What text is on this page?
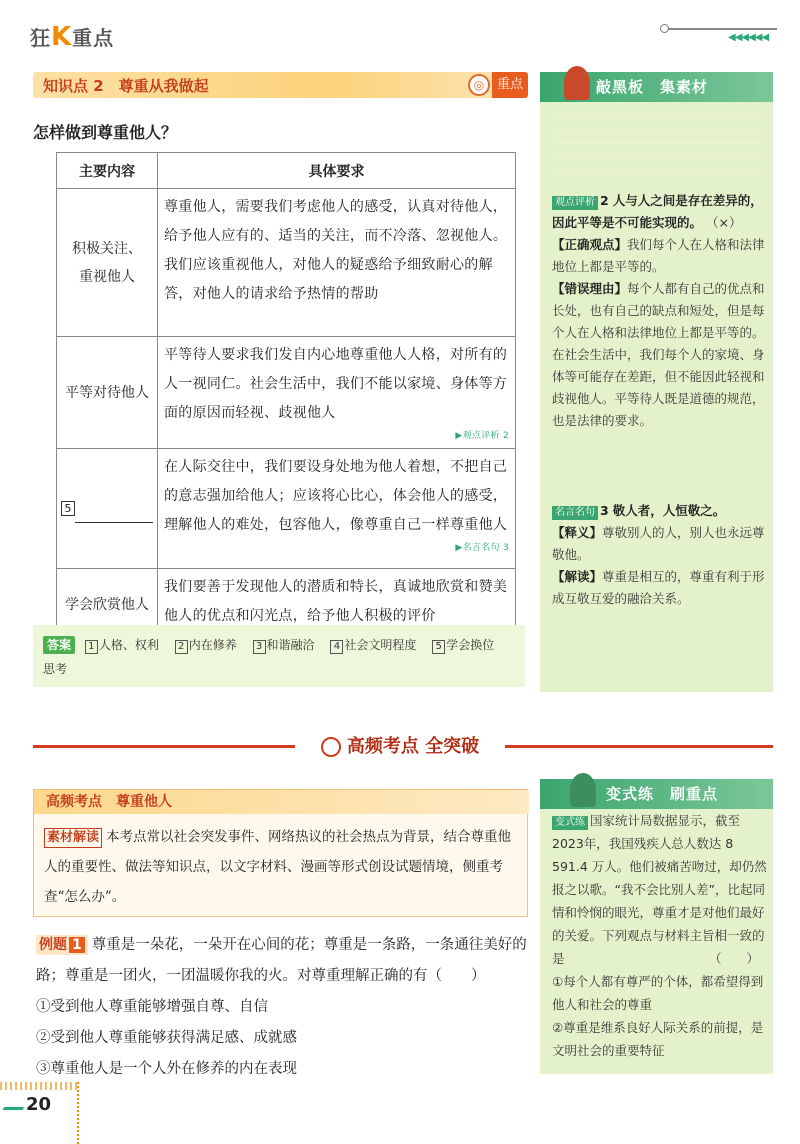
狂K重点	◀◀◀◀◀◀
知识点 2　尊重从我做起	◎ 重点
怎样做到尊重他人？
主要内容	具体要求
积极关注、重视他人	尊重他人，需要我们考虑他人的感受，认真对待他人，给予他人应有的、适当的关注，而不冷落、忽视他人。我们应该重视他人，对他人的疑惑给予细致耐心的解答，对他人的请求给予热情的帮助
平等对待他人	平等待人要求我们发自内心地尊重他人人格，对所有的人一视同仁。社会生活中，我们不能以家境、身体等方面的原因而轻视、歧视他人
▶观点评析 2

5	在人际交往中，我们要设身处地为他人着想，不把自己的意志强加给他人；应该将心比心，体会他人的感受，理解他人的难处，包容他人，像尊重自己一样尊重他人
▶名言名句 3

学会欣赏他人	我们要善于发现他人的潜质和特长，真诚地欣赏和赞美他人的优点和闪光点，给予他人积极的评价
答案 1 人格、权利 2 内在修养 3 和谐融洽 4 社会文明程度 5 学会换位
思考
敲黑板　集素材
观点评析 2 人与人之间是存在差异的，因此平等是不可能实现的。 （×）
【正确观点】我们每个人在人格和法律地位上都是平等的。
【错误理由】每个人都有自己的优点和长处，也有自己的缺点和短处，但是每个人在人格和法律地位上都是平等的。在社会生活中，我们每个人的家境、身体等可能存在差距，但不能因此轻视和歧视他人。平等待人既是道德的规范，也是法律的要求。
名言名句 3 敬人者，人恒敬之。
【释义】尊敬别人的人，别人也永远尊敬他。
【解读】尊重是相互的，尊重有利于形成互敬互爱的融洽关系。
高频考点 全突破
高频考点　尊重他人
素材解读 本考点常以社会突发事件、网络热议的社会热点为背景，结合尊重他人的重要性、做法等知识点，以文字材料、漫画等形式创设试题情境，侧重考查“怎么办”。
例题 1 尊重是一朵花，一朵开在心间的花；尊重是一条路，一条通往美好的路；尊重是一团火，一团温暖你我的火。对尊重理解正确的有（　　）
①受到他人尊重能够增强自尊、自信
②受到他人尊重能够获得满足感、成就感
③尊重他人是一个人外在修养的内在表现
变式练　刷重点
变式练 国家统计局数据显示，截至2023年，我国残疾人总人数达 8 591.4 万人。他们被痛苦吻过，却仍然报之以歌。“我不会比别人差”，比起同情和怜悯的眼光，尊重才是对他们最好的关爱。下列观点与材料主旨相一致的是	（　　）

①每个人都有尊严的个体，都希望得到他人和社会的尊重
②尊重是维系良好人际关系的前提，是文明社会的重要特征
20
